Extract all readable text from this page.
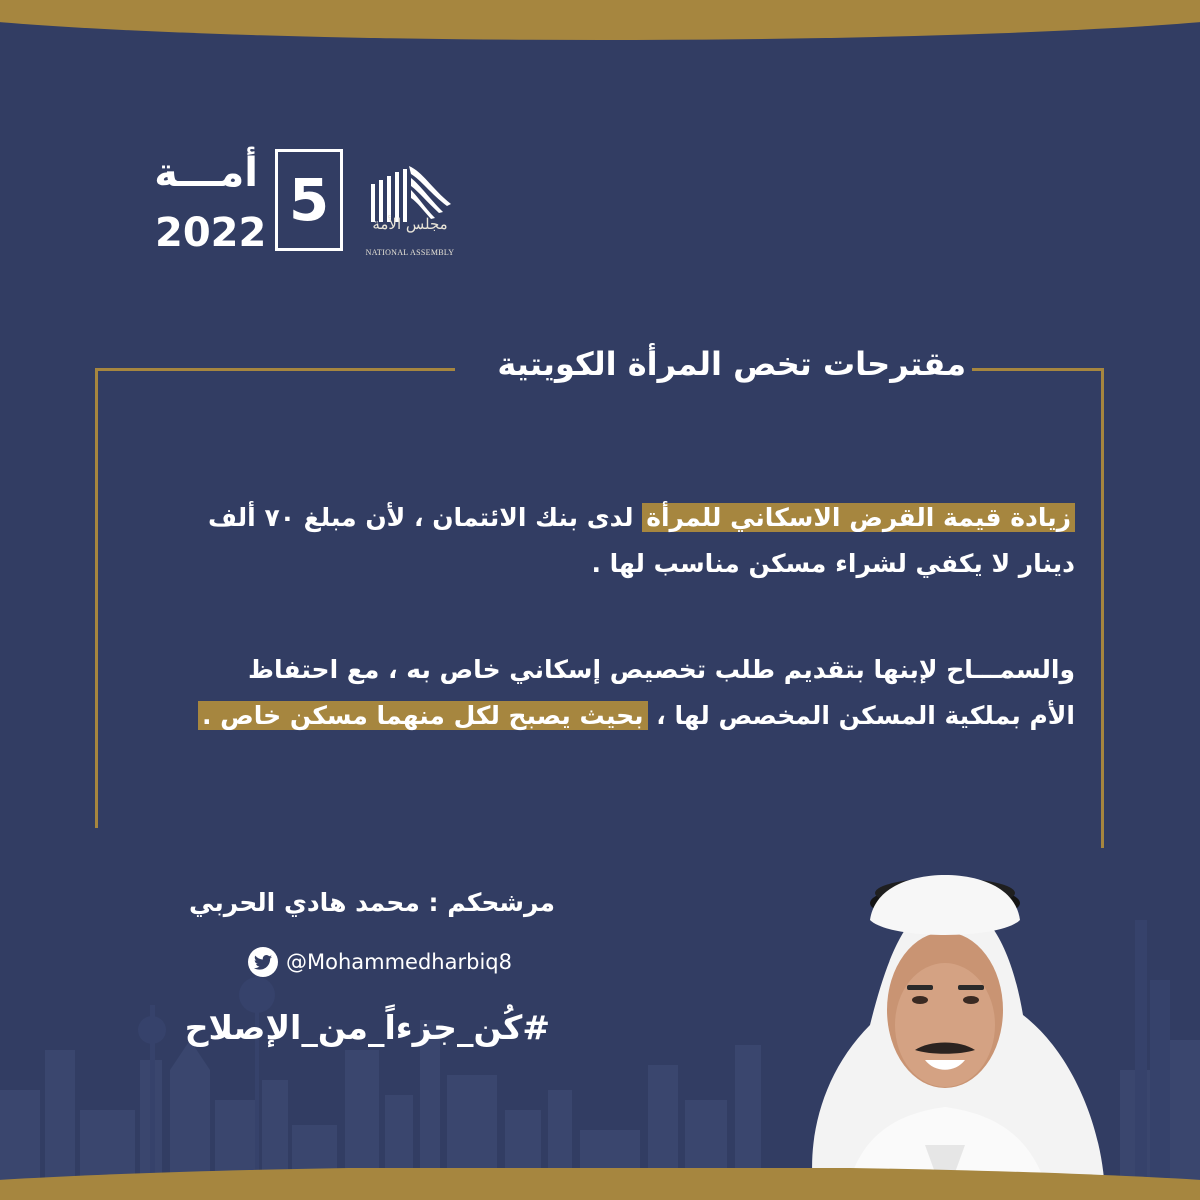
مجلس الأمة
NATIONAL ASSEMBLY
5
أمـــة
2022
مقترحات تخص المرأة الكويتية
زيادة قيمة القرض الاسكاني للمرأة لدى بنك الائتمان ، لأن مبلغ ٧٠ ألف
دينار لا يكفي لشراء مسكن مناسب لها .
والسمـــاح لإبنها بتقديم طلب تخصيص إسكاني خاص به ، مع احتفاظ
الأم بملكية المسكن المخصص لها ، بحيث يصبح لكل منهما مسكن خاص .
مرشحكم : محمد هادي الحربي
@Mohammedharbiq8
#كُن_جزءاً_من_الإصلاح
